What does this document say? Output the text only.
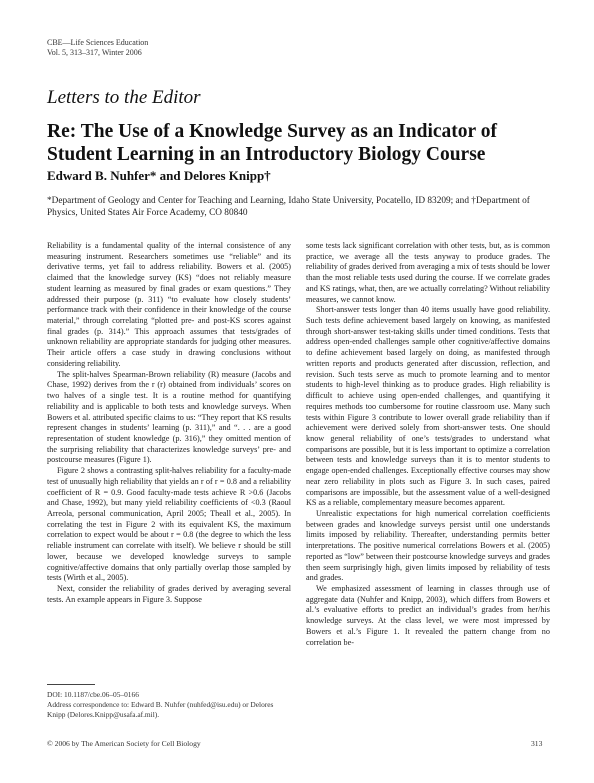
CBE—Life Sciences Education
Vol. 5, 313–317, Winter 2006
Letters to the Editor
Re: The Use of a Knowledge Survey as an Indicator of Student Learning in an Introductory Biology Course
Edward B. Nuhfer* and Delores Knipp†
*Department of Geology and Center for Teaching and Learning, Idaho State University, Pocatello, ID 83209; and †Department of Physics, United States Air Force Academy, CO 80840

Reliability is a fundamental quality of the internal consistence of any measuring instrument. Researchers sometimes use “reliable” and its derivative terms, yet fail to address reliability. Bowers et al. (2005) claimed that the knowledge survey (KS) “does not reliably measure student learning as measured by final grades or exam questions.” They addressed their purpose (p. 311) “to evaluate how closely students’ performance track with their confidence in their knowledge of the course material,” through correlating “plotted pre- and post-KS scores against final grades (p. 314).” This approach assumes that tests/grades of unknown reliability are appropriate standards for judging other measures. Their article offers a case study in drawing conclusions without considering reliability.

The split-halves Spearman-Brown reliability (R) measure (Jacobs and Chase, 1992) derives from the r (r) obtained from individuals’ scores on two halves of a single test. It is a routine method for quantifying reliability and is applicable to both tests and knowledge surveys. When Bowers et al. attributed specific claims to us: “They report that KS results represent changes in students’ learning (p. 311),” and “. . . are a good representation of student knowledge (p. 316),” they omitted mention of the surprising reliability that characterizes knowledge surveys’ pre- and postcourse measures (Figure 1).

Figure 2 shows a contrasting split-halves reliability for a faculty-made test of unusually high reliability that yields an r of r = 0.8 and a reliability coefficient of R = 0.9. Good faculty-made tests achieve R >0.6 (Jacobs and Chase, 1992), but many yield reliability coefficients of <0.3 (Raoul Arreola, personal communication, April 2005; Theall et al., 2005). In correlating the test in Figure 2 with its equivalent KS, the maximum correlation to expect would be about r = 0.8 (the degree to which the less reliable instrument can correlate with itself). We believe r should be still lower, because we developed knowledge surveys to sample cognitive/affective domains that only partially overlap those sampled by tests (Wirth et al., 2005).

Next, consider the reliability of grades derived by averaging several tests. An example appears in Figure 3. Suppose

some tests lack significant correlation with other tests, but, as is common practice, we average all the tests anyway to produce grades. The reliability of grades derived from averaging a mix of tests should be lower than the most reliable tests used during the course. If we correlate grades and KS ratings, what, then, are we actually correlating? Without reliability measures, we cannot know.

Short-answer tests longer than 40 items usually have good reliability. Such tests define achievement based largely on knowing, as manifested through short-answer test-taking skills under timed conditions. Tests that address open-ended challenges sample other cognitive/affective domains to define achievement based largely on doing, as manifested through written reports and products generated after discussion, reflection, and revision. Such tests serve as much to promote learning and to mentor students to high-level thinking as to produce grades. High reliability is difficult to achieve using open-ended challenges, and quantifying it requires methods too cumbersome for routine classroom use. Many such tests within Figure 3 contribute to lower overall grade reliability than if achievement were derived solely from short-answer tests. One should know general reliability of one’s tests/grades to understand what comparisons are possible, but it is less important to optimize a correlation between tests and knowledge surveys than it is to mentor students to engage open-ended challenges. Exceptionally effective courses may show near zero reliability in plots such as Figure 3. In such cases, paired comparisons are impossible, but the assessment value of a well-designed KS as a reliable, complementary measure becomes apparent.

Unrealistic expectations for high numerical correlation coefficients between grades and knowledge surveys persist until one understands limits imposed by reliability. Thereafter, understanding permits better interpretations. The positive numerical correlations Bowers et al. (2005) reported as “low” between their postcourse knowledge surveys and grades then seem surprisingly high, given limits imposed by reliability of tests and grades.

We emphasized assessment of learning in classes through use of aggregate data (Nuhfer and Knipp, 2003), which differs from Bowers et al.’s evaluative efforts to predict an individual’s grades from her/his knowledge surveys. At the class level, we were most impressed by Bowers et al.’s Figure 1. It revealed the pattern change from no correlation be-

DOI: 10.1187/cbe.06–05–0166
Address correspondence to: Edward B. Nuhfer (nuhfed@isu.edu) or Delores Knipp (Delores.Knipp@usafa.af.mil).
© 2006 by The American Society for Cell Biology	313
